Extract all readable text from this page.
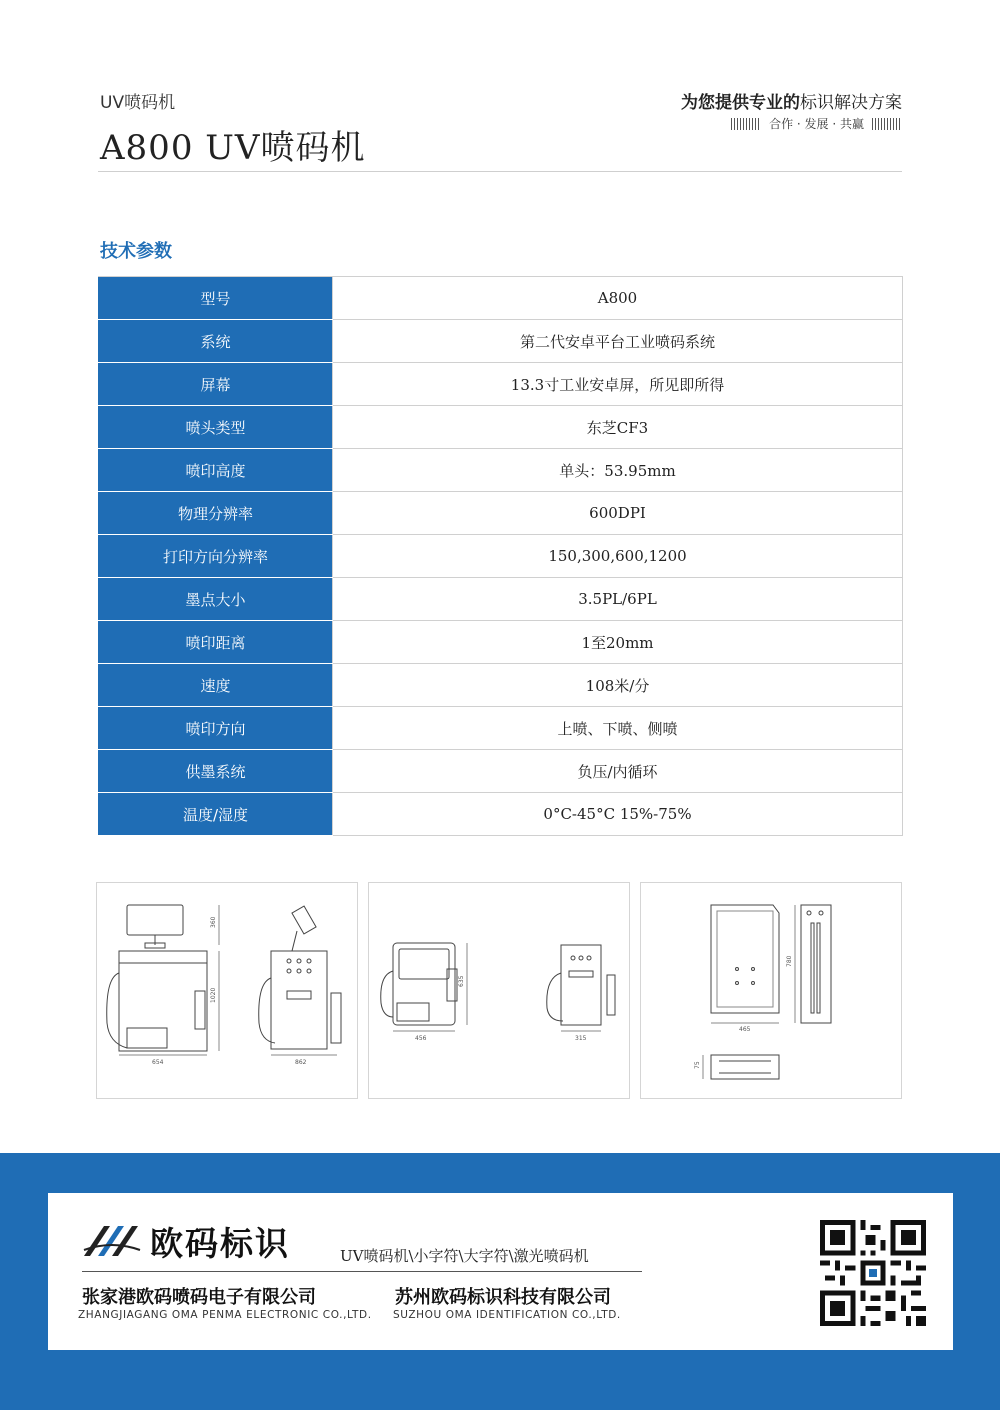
UV喷码机
A800 UV喷码机
为您提供专业的标识解决方案
合作 · 发展 · 共赢
技术参数
型号	A800
系统	第二代安卓平台工业喷码系统
屏幕	13.3寸工业安卓屏，所见即所得
喷头类型	东芝CF3
喷印高度	单头：53.95mm
物理分辨率	600DPI
打印方向分辨率	150,300,600,1200
墨点大小	3.5PL/6PL
喷印距离	1至20mm
速度	108米/分
喷印方向	上喷、下喷、侧喷
供墨系统	负压/内循环
温度/湿度	0°C-45°C 15%-75%
654
1020
360
862
456
635
315
465
780
75
欧码标识	UV喷码机\小字符\大字符\激光喷码机
张家港欧码喷码电子有限公司
ZHANGJIAGANG OMA PENMA ELECTRONIC CO.,LTD.
苏州欧码标识科技有限公司
SUZHOU OMA IDENTIFICATION CO.,LTD.
